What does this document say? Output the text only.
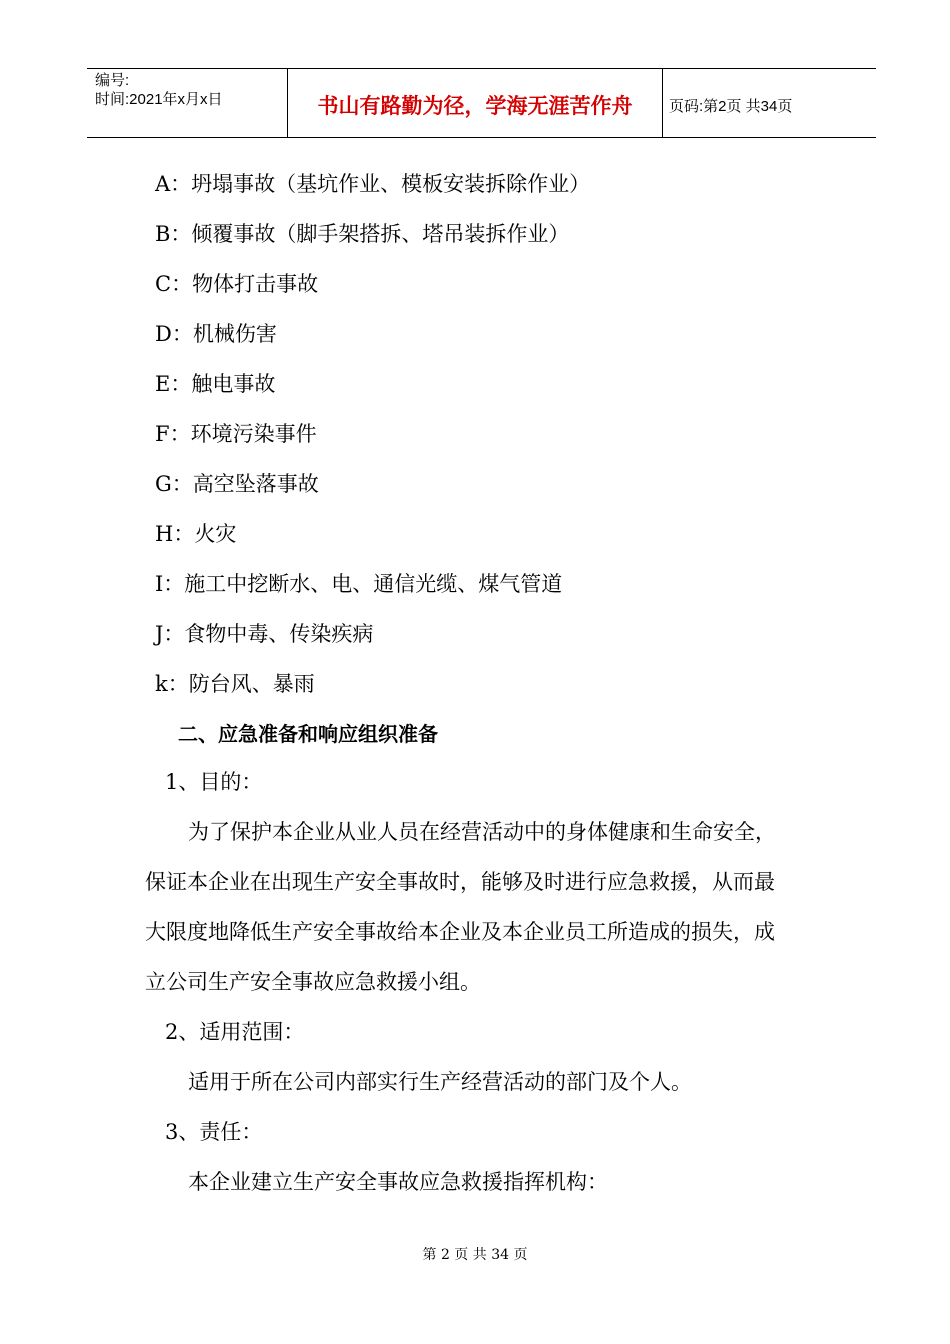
编号:
时间:2021年x月x日	书山有路勤为径，学海无涯苦作舟 页码:第2页 共34页
A：坍塌事故（基坑作业、模板安装拆除作业）
B：倾覆事故（脚手架搭拆、塔吊装拆作业）
C：物体打击事故
D：机械伤害
E：触电事故
F：环境污染事件
G：高空坠落事故
H：火灾
I：施工中挖断水、电、通信光缆、煤气管道
J：食物中毒、传染疾病
k：防台风、暴雨
二、应急准备和响应组织准备
1、目的：
为了保护本企业从业人员在经营活动中的身体健康和生命安全，
保证本企业在出现生产安全事故时，能够及时进行应急救援，从而最
大限度地降低生产安全事故给本企业及本企业员工所造成的损失，成
立公司生产安全事故应急救援小组。
2、适用范围：
适用于所在公司内部实行生产经营活动的部门及个人。
3、责任：
本企业建立生产安全事故应急救援指挥机构：
第 2 页 共 34 页
